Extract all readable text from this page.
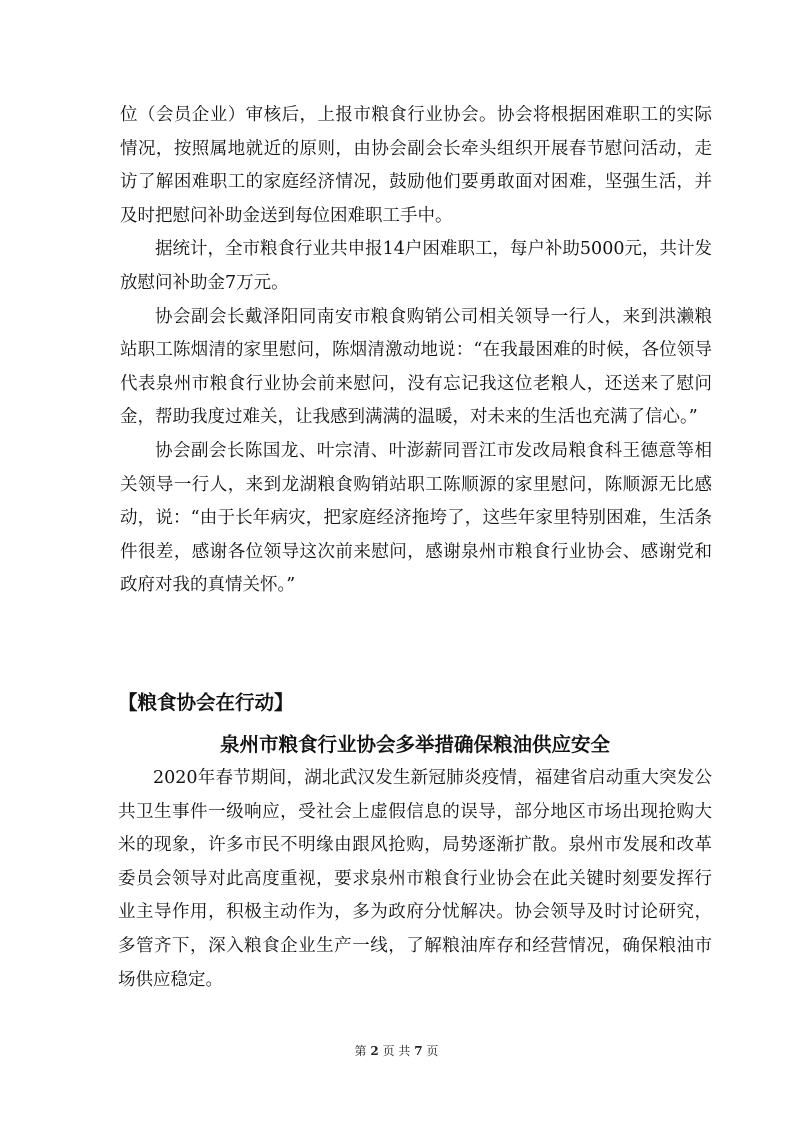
位（会员企业）审核后，上报市粮食行业协会。协会将根据困难职工的实际情况，按照属地就近的原则，由协会副会长牵头组织开展春节慰问活动，走访了解困难职工的家庭经济情况，鼓励他们要勇敢面对困难，坚强生活，并及时把慰问补助金送到每位困难职工手中。

据统计，全市粮食行业共申报14户困难职工，每户补助5000元，共计发放慰问补助金7万元。

协会副会长戴泽阳同南安市粮食购销公司相关领导一行人，来到洪濑粮站职工陈烟清的家里慰问，陈烟清激动地说：“在我最困难的时候，各位领导代表泉州市粮食行业协会前来慰问，没有忘记我这位老粮人，还送来了慰问金，帮助我度过难关，让我感到满满的温暖，对未来的生活也充满了信心。”

协会副会长陈国龙、叶宗清、叶澎薪同晋江市发改局粮食科王德意等相关领导一行人，来到龙湖粮食购销站职工陈顺源的家里慰问，陈顺源无比感动，说：“由于长年病灾，把家庭经济拖垮了，这些年家里特别困难，生活条件很差，感谢各位领导这次前来慰问，感谢泉州市粮食行业协会、感谢党和政府对我的真情关怀。”

【粮食协会在行动】

泉州市粮食行业协会多举措确保粮油供应安全

2020年春节期间，湖北武汉发生新冠肺炎疫情，福建省启动重大突发公共卫生事件一级响应，受社会上虚假信息的误导，部分地区市场出现抢购大米的现象，许多市民不明缘由跟风抢购，局势逐渐扩散。泉州市发展和改革委员会领导对此高度重视，要求泉州市粮食行业协会在此关键时刻要发挥行业主导作用，积极主动作为，多为政府分忧解决。协会领导及时讨论研究，多管齐下，深入粮食企业生产一线，了解粮油库存和经营情况，确保粮油市场供应稳定。

第 2 页 共 7 页
